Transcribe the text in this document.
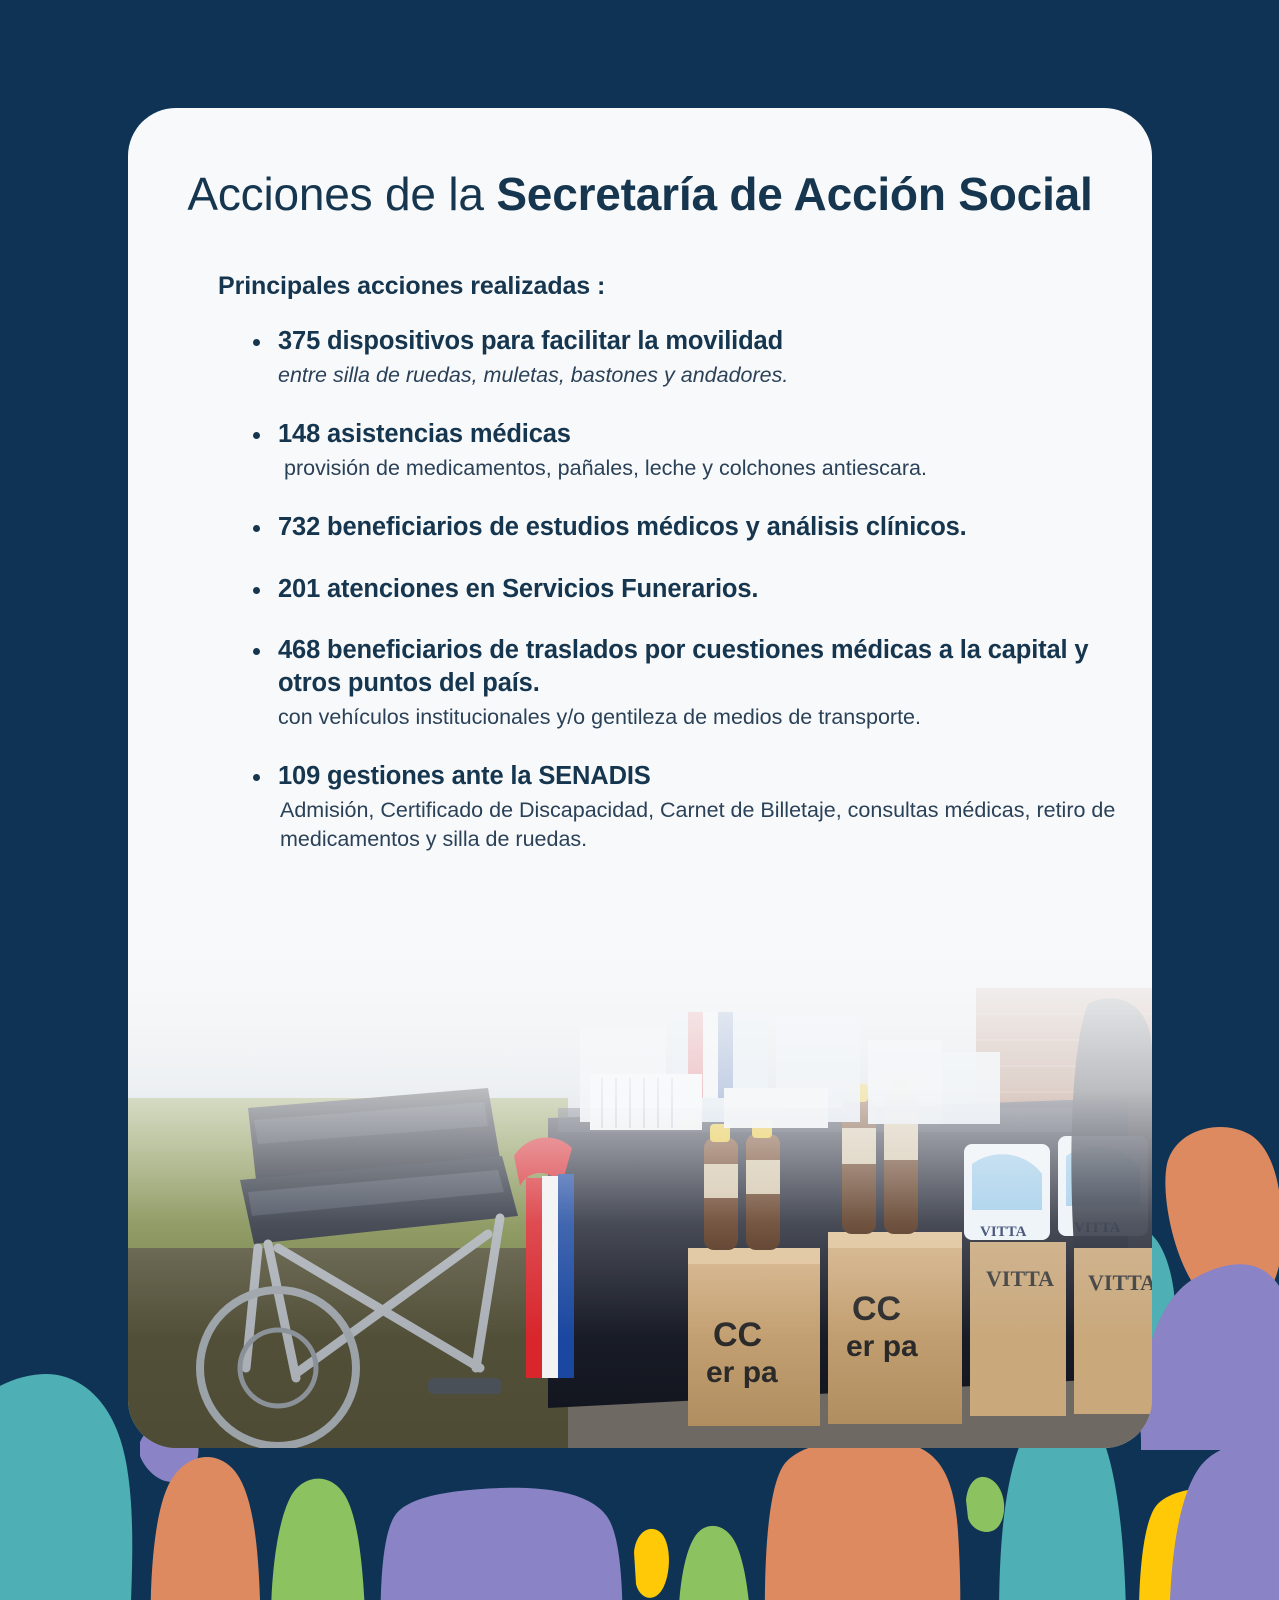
Acciones de la Secretaría de Acción Social
Principales acciones realizadas :
375 dispositivos para facilitar la movilidad
entre silla de ruedas, muletas, bastones y andadores.
148 asistencias médicas
provisión de medicamentos, pañales, leche y colchones antiescara.
732 beneficiarios de estudios médicos y análisis clínicos.
201 atenciones en Servicios Funerarios.
468 beneficiarios de traslados por cuestiones médicas a la capital y otros puntos del país.
con vehículos institucionales y/o gentileza de medios de transporte.
109 gestiones ante la SENADIS
Admisión, Certificado de Discapacidad, Carnet de Billetaje, consultas médicas, retiro de medicamentos y silla de ruedas.
